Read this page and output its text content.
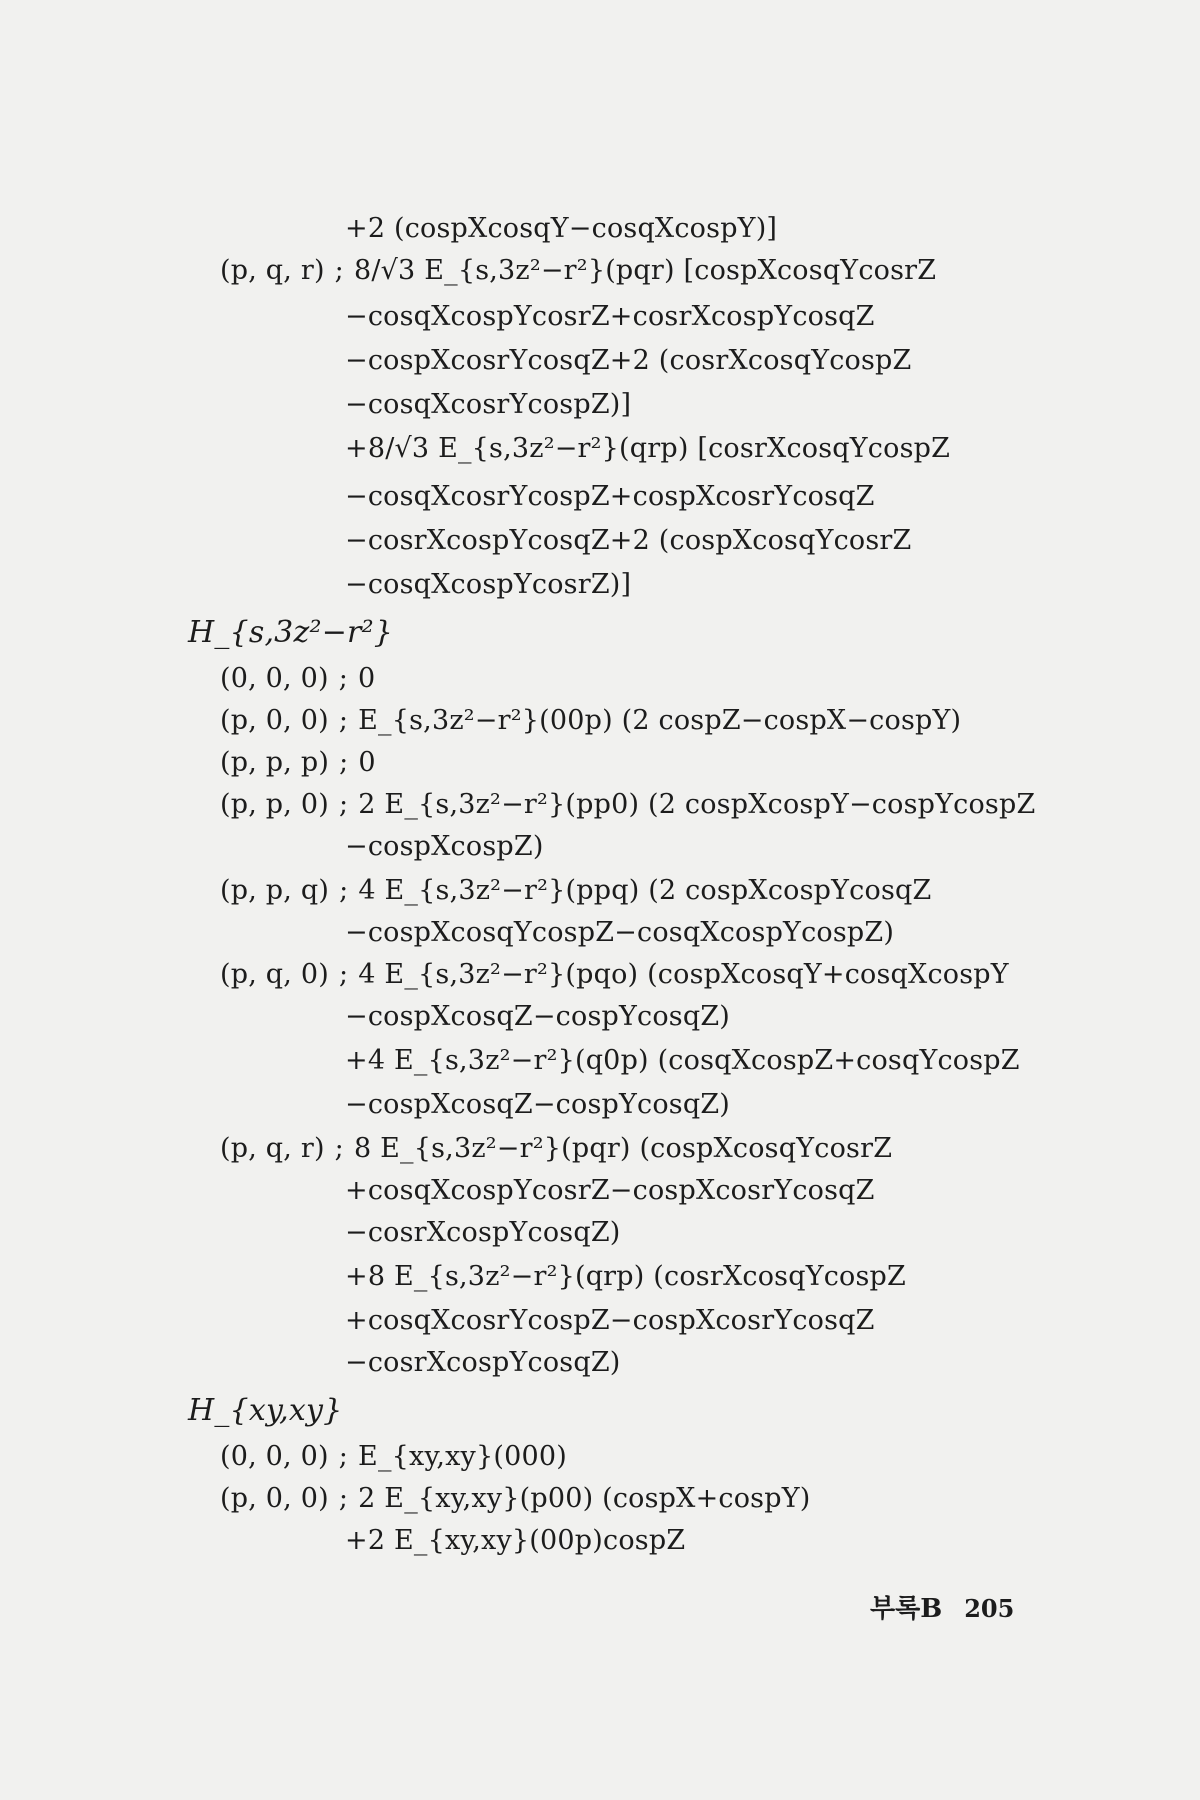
+2 (cospXcosqY−cosqXcospY)]
(p, q, r) ; 8/√3 E_{s,3z²−r²}(pqr) [cospXcosqYcosrZ
−cosqXcospYcosrZ+cosrXcospYcosqZ
−cospXcosrYcosqZ+2 (cosrXcosqYcospZ
−cosqXcosrYcospZ)]
+8/√3 E_{s,3z²−r²}(qrp) [cosrXcosqYcospZ
−cosqXcosrYcospZ+cospXcosrYcosqZ
−cosrXcospYcosqZ+2 (cospXcosqYcosrZ
−cosqXcospYcosrZ)]
H_{s,3z²−r²}
(0, 0, 0) ; 0
(p, 0, 0) ; E_{s,3z²−r²}(00p) (2 cospZ−cospX−cospY)
(p, p, p) ; 0
(p, p, 0) ; 2 E_{s,3z²−r²}(pp0) (2 cospXcospY−cospYcospZ
−cospXcospZ)
(p, p, q) ; 4 E_{s,3z²−r²}(ppq) (2 cospXcospYcosqZ
−cospXcosqYcospZ−cosqXcospYcospZ)
(p, q, 0) ; 4 E_{s,3z²−r²}(pqo) (cospXcosqY+cosqXcospY
−cospXcosqZ−cospYcosqZ)
+4 E_{s,3z²−r²}(q0p) (cosqXcospZ+cosqYcospZ
−cospXcosqZ−cospYcosqZ)
(p, q, r) ; 8 E_{s,3z²−r²}(pqr) (cospXcosqYcosrZ
+cosqXcospYcosrZ−cospXcosrYcosqZ
−cosrXcospYcosqZ)
+8 E_{s,3z²−r²}(qrp) (cosrXcosqYcospZ
+cosqXcosrYcospZ−cospXcosrYcosqZ
−cosrXcospYcosqZ)
H_{xy,xy}
(0, 0, 0) ; E_{xy,xy}(000)
(p, 0, 0) ; 2 E_{xy,xy}(p00) (cospX+cospY)
+2 E_{xy,xy}(00p)cospZ
부록B 205
